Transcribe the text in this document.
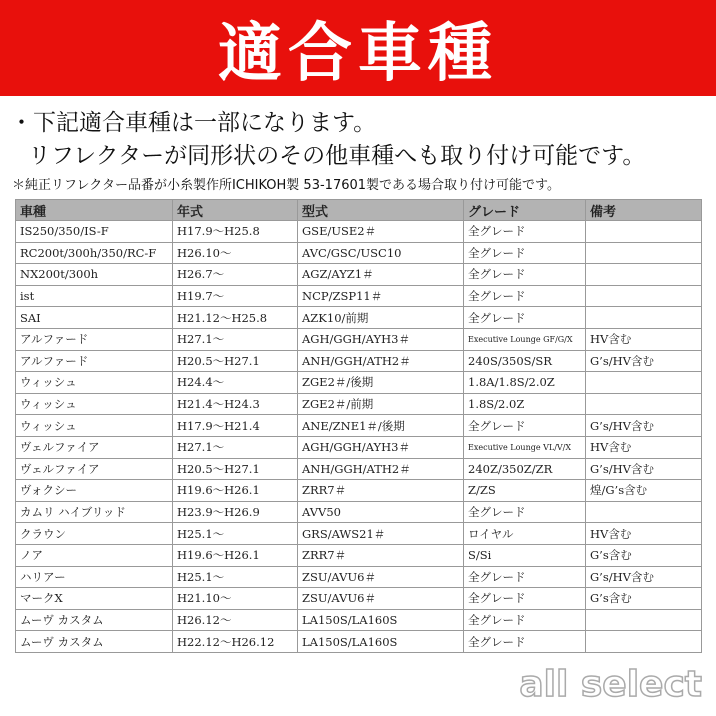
適合車種
・下記適合車種は一部になります。
リフレクターが同形状のその他車種へも取り付け可能です。
＊純正リフレクター品番が小糸製作所ICHIKOH製 53-17601製である場合取り付け可能です。
車種	年式	型式	グレード	備考
IS250/350/IS-F	H17.9～H25.8	GSE/USE2＃	全グレード	
RC200t/300h/350/RC-F	H26.10～	AVC/GSC/USC10	全グレード	
NX200t/300h	H26.7～	AGZ/AYZ1＃	全グレード	
ist	H19.7～	NCP/ZSP11＃	全グレード	
SAI	H21.12～H25.8	AZK10/前期	全グレード	
アルファード	H27.1～	AGH/GGH/AYH3＃	Executive Lounge GF/G/X	HV含む
アルファード	H20.5～H27.1	ANH/GGH/ATH2＃	240S/350S/SR	G’s/HV含む
ウィッシュ	H24.4～	ZGE2＃/後期	1.8A/1.8S/2.0Z	
ウィッシュ	H21.4～H24.3	ZGE2＃/前期	1.8S/2.0Z	
ウィッシュ	H17.9～H21.4	ANE/ZNE1＃/後期	全グレード	G’s/HV含む
ヴェルファイア	H27.1～	AGH/GGH/AYH3＃	Executive Lounge VL/V/X	HV含む
ヴェルファイア	H20.5～H27.1	ANH/GGH/ATH2＃	240Z/350Z/ZR	G’s/HV含む
ヴォクシー	H19.6～H26.1	ZRR7＃	Z/ZS	煌/G’s含む
カムリ ハイブリッド	H23.9～H26.9	AVV50	全グレード	
クラウン	H25.1～	GRS/AWS21＃	ロイヤル	HV含む
ノア	H19.6～H26.1	ZRR7＃	S/Si	G’s含む
ハリアー	H25.1～	ZSU/AVU6＃	全グレード	G’s/HV含む
マークX	H21.10～	ZSU/AVU6＃	全グレード	G’s含む
ムーヴ カスタム	H26.12～	LA150S/LA160S	全グレード	
ムーヴ カスタム	H22.12～H26.12	LA150S/LA160S	全グレード	
all select
